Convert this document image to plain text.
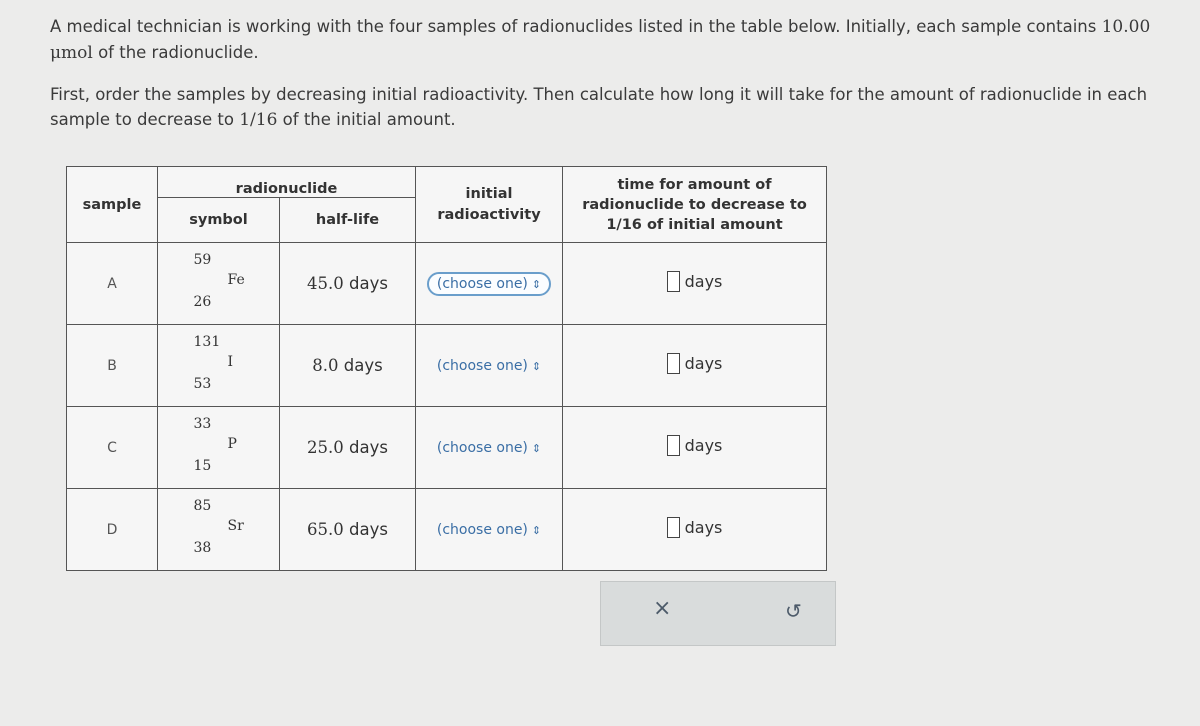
A medical technician is working with the four samples of radionuclides listed in the table below. Initially, each sample contains 10.00 μmol of the radionuclide.
First, order the samples by decreasing initial radioactivity. Then calculate how long it will take for the amount of radionuclide in each sample to decrease to 1/16 of the initial amount.
sample	radionuclide		initial radioactivity	time for amount of
radionuclide to decrease to
1/16 of initial amount

	symbol	half-life		
A	59
Fe
26	45.0 days	(choose one) ⇕	days

B	131
I
53	8.0 days	(choose one) ⇕	days

C	33
P
15	25.0 days	(choose one) ⇕	days

D	85
Sr
38	65.0 days	(choose one) ⇕	days
×	↺
